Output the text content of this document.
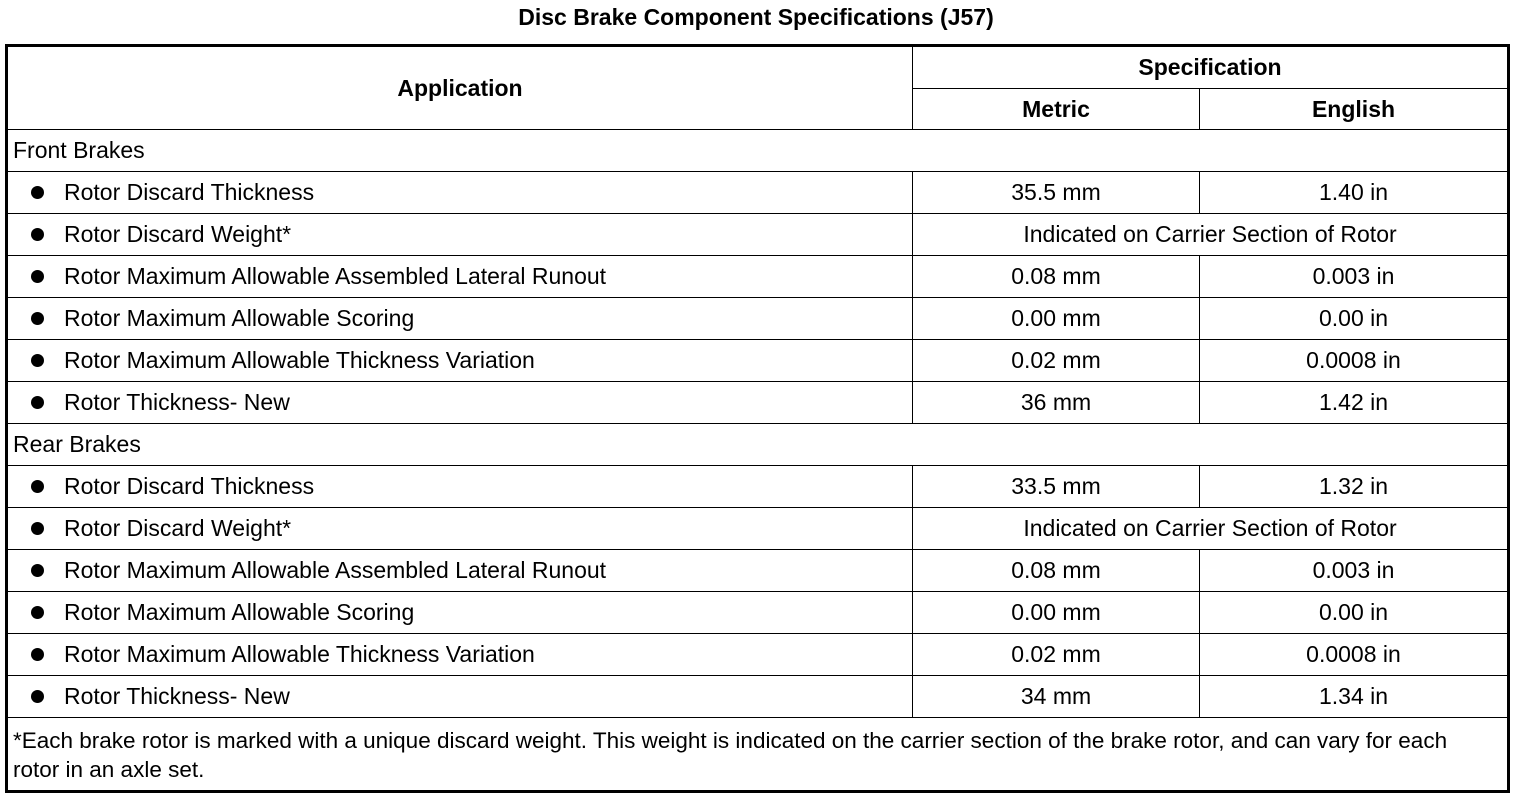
Disc Brake Component Specifications (J57)
Application	Specification	
	Metric	English
Front Brakes		
Rotor Discard Thickness	35.5 mm	1.40 in
Rotor Discard Weight*	Indicated on Carrier Section of Rotor	
Rotor Maximum Allowable Assembled Lateral Runout	0.08 mm	0.003 in
Rotor Maximum Allowable Scoring	0.00 mm	0.00 in
Rotor Maximum Allowable Thickness Variation	0.02 mm	0.0008 in
Rotor Thickness- New	36 mm	1.42 in
Rear Brakes		
Rotor Discard Thickness	33.5 mm	1.32 in
Rotor Discard Weight*	Indicated on Carrier Section of Rotor	
Rotor Maximum Allowable Assembled Lateral Runout	0.08 mm	0.003 in
Rotor Maximum Allowable Scoring	0.00 mm	0.00 in
Rotor Maximum Allowable Thickness Variation	0.02 mm	0.0008 in
Rotor Thickness- New	34 mm	1.34 in
*Each brake rotor is marked with a unique discard weight. This weight is indicated on the carrier section of the brake rotor, and can vary for each rotor in an axle set.		
